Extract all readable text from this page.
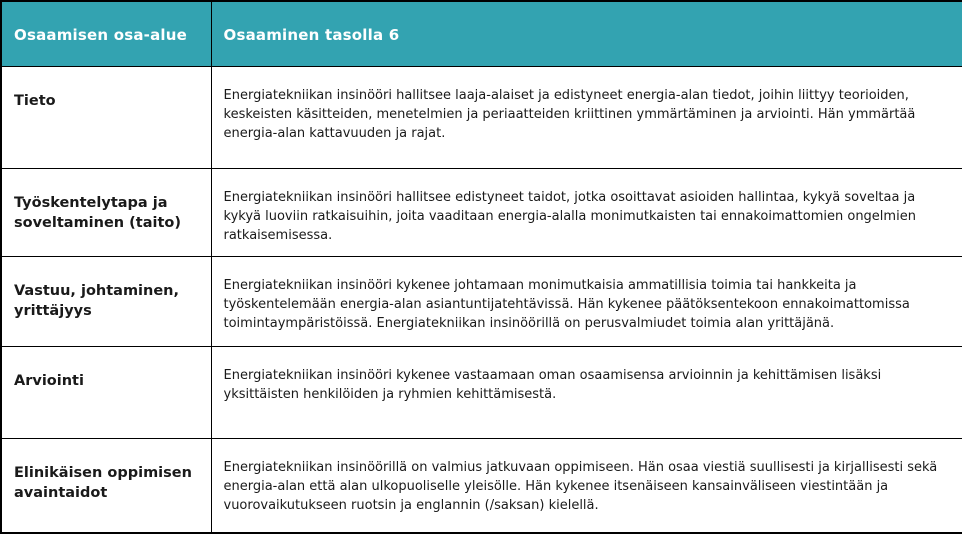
Osaamisen osa-alue	Osaaminen tasolla 6
Tieto	Energiatekniikan insinööri hallitsee laaja-alaiset ja edistyneet energia-alan tiedot, joihin liittyy teorioiden, keskeisten käsitteiden, menetelmien ja periaatteiden kriittinen ymmärtäminen ja arviointi. Hän ymmärtää energia-alan kattavuuden ja rajat.
Työskentelytapa ja soveltaminen (taito)	Energiatekniikan insinööri hallitsee edistyneet taidot, jotka osoittavat asioiden hallintaa, kykyä soveltaa ja kykyä luoviin ratkaisuihin, joita vaaditaan energia-alalla monimutkaisten tai ennakoimattomien ongelmien ratkaisemisessa.
Vastuu, johtaminen, yrittäjyys	Energiatekniikan insinööri kykenee johtamaan monimutkaisia ammatillisia toimia tai hankkeita ja työskentelemään energia-alan asiantuntijatehtävissä. Hän kykenee päätöksentekoon ennakoimattomissa toimintaympäristöissä. Energiatekniikan insinöörillä on perusvalmiudet toimia alan yrittäjänä.
Arviointi	Energiatekniikan insinööri kykenee vastaamaan oman osaamisensa arvioinnin ja kehittämisen lisäksi yksittäisten henkilöiden ja ryhmien kehittämisestä.
Elinikäisen oppimisen avaintaidot	Energiatekniikan insinöörillä on valmius jatkuvaan oppimiseen. Hän osaa viestiä suullisesti ja kirjallisesti sekä energia-alan että alan ulkopuoliselle yleisölle. Hän kykenee itsenäiseen kansainväliseen viestintään ja vuorovaikutukseen ruotsin ja englannin (/saksan) kielellä.
